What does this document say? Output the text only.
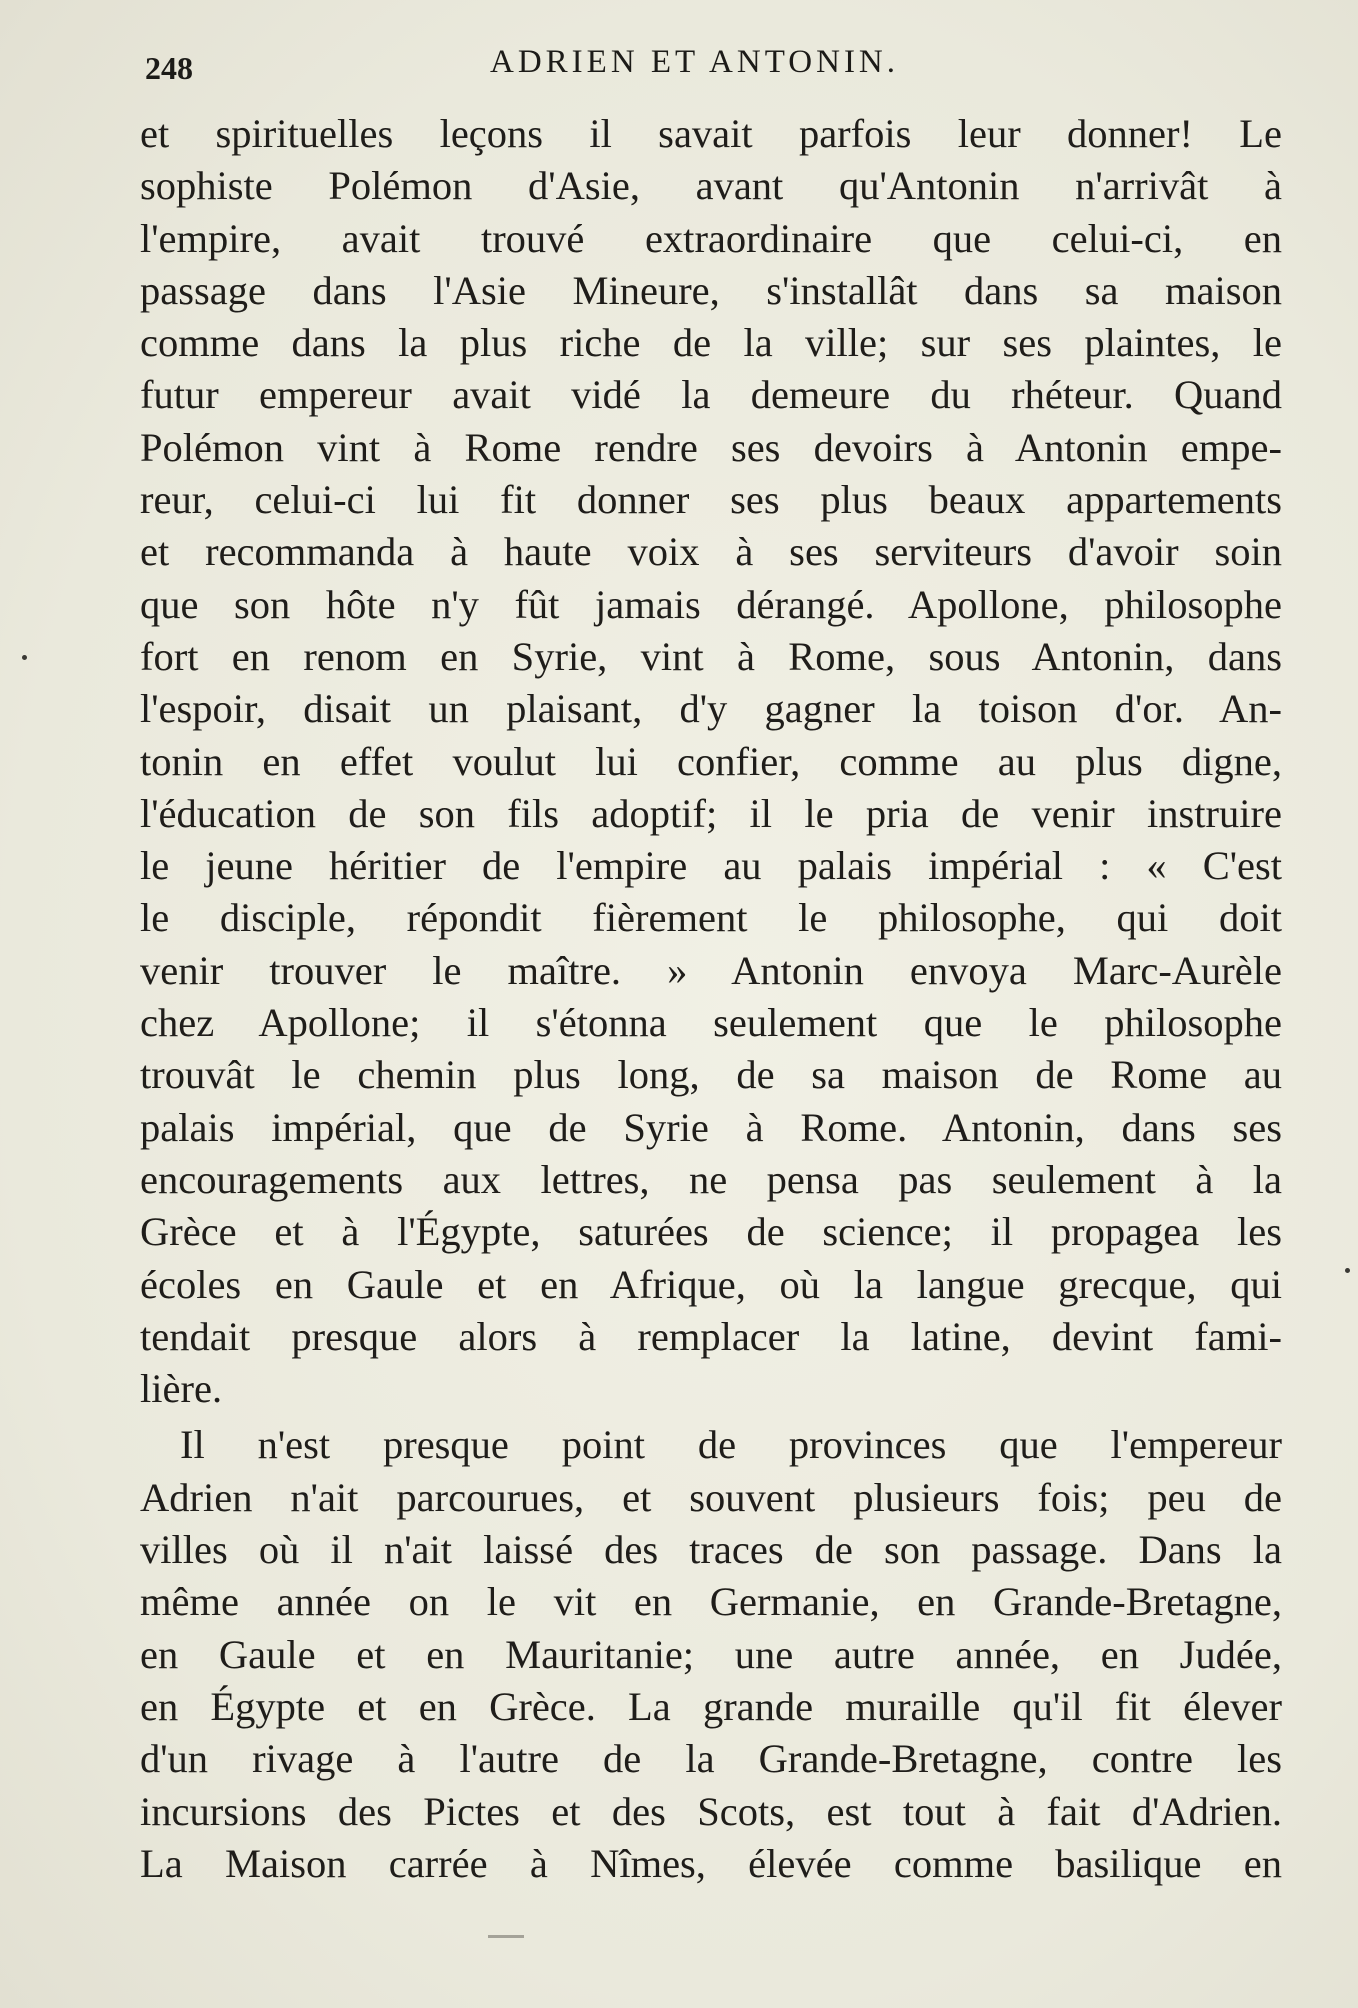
248	ADRIEN ET ANTONIN.
et spirituelles leçons il savait parfois leur donner! Le
sophiste Polémon d'Asie, avant qu'Antonin n'arrivât à
l'empire, avait trouvé extraordinaire que celui-ci, en
passage dans l'Asie Mineure, s'installât dans sa maison
comme dans la plus riche de la ville; sur ses plaintes, le
futur empereur avait vidé la demeure du rhéteur. Quand
Polémon vint à Rome rendre ses devoirs à Antonin empe-
reur, celui-ci lui fit donner ses plus beaux appartements
et recommanda à haute voix à ses serviteurs d'avoir soin
que son hôte n'y fût jamais dérangé. Apollone, philosophe
fort en renom en Syrie, vint à Rome, sous Antonin, dans
l'espoir, disait un plaisant, d'y gagner la toison d'or. An-
tonin en effet voulut lui confier, comme au plus digne,
l'éducation de son fils adoptif; il le pria de venir instruire
le jeune héritier de l'empire au palais impérial : « C'est
le disciple, répondit fièrement le philosophe, qui doit
venir trouver le maître. » Antonin envoya Marc-Aurèle
chez Apollone; il s'étonna seulement que le philosophe
trouvât le chemin plus long, de sa maison de Rome au
palais impérial, que de Syrie à Rome. Antonin, dans ses
encouragements aux lettres, ne pensa pas seulement à la
Grèce et à l'Égypte, saturées de science; il propagea les
écoles en Gaule et en Afrique, où la langue grecque, qui
tendait presque alors à remplacer la latine, devint fami-
lière.
Il n'est presque point de provinces que l'empereur
Adrien n'ait parcourues, et souvent plusieurs fois; peu de
villes où il n'ait laissé des traces de son passage. Dans la
même année on le vit en Germanie, en Grande-Bretagne,
en Gaule et en Mauritanie; une autre année, en Judée,
en Égypte et en Grèce. La grande muraille qu'il fit élever
d'un rivage à l'autre de la Grande-Bretagne, contre les
incursions des Pictes et des Scots, est tout à fait d'Adrien.
La Maison carrée à Nîmes, élevée comme basilique en
